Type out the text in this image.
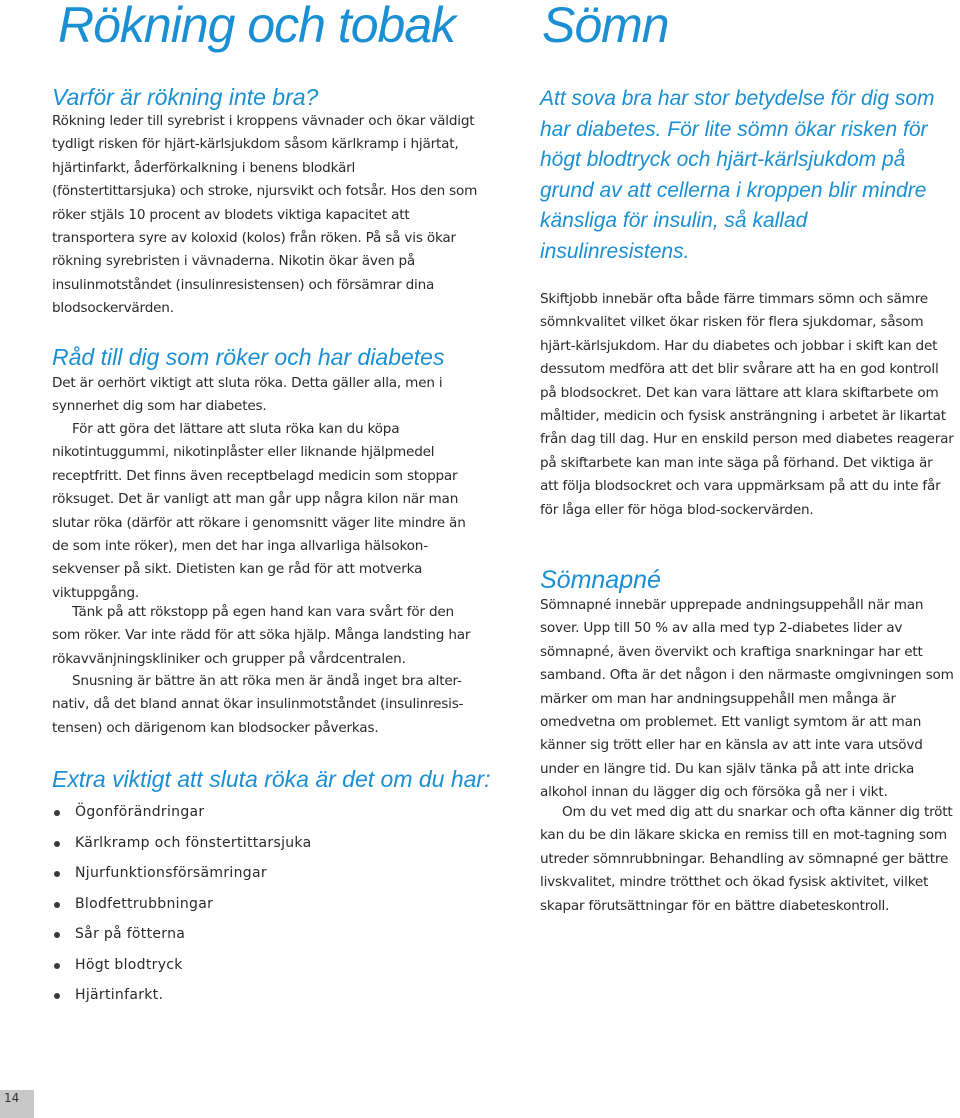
Rökning och tobak
Varför är rökning inte bra?

Rökning leder till syrebrist i kroppens vävnader och ökar väldigt tydligt risken för hjärt-kärlsjukdom såsom kärlkramp i hjärtat, hjärtinfarkt, åderförkalkning i benens blodkärl (fönstertittarsjuka) och stroke, njursvikt och fotsår. Hos den som röker stjäls 10 procent av blodets viktiga kapacitet att transportera syre av koloxid (kolos) från röken. På så vis ökar rökning syrebristen i vävnaderna. Nikotin ökar även på insulinmotståndet (insulinresistensen) och försämrar dina blodsockervärden.

Råd till dig som röker och har diabetes

Det är oerhört viktigt att sluta röka. Detta gäller alla, men i synnerhet dig som har diabetes.

För att göra det lättare att sluta röka kan du köpa nikotintuggummi, nikotinplåster eller liknande hjälpmedel receptfritt. Det finns även receptbelagd medicin som stoppar röksuget. Det är vanligt att man går upp några kilon när man slutar röka (därför att rökare i genomsnitt väger lite mindre än de som inte röker), men det har inga allvarliga hälsokon-sekvenser på sikt. Dietisten kan ge råd för att motverka viktuppgång.

Tänk på att rökstopp på egen hand kan vara svårt för den som röker. Var inte rädd för att söka hjälp. Många landsting har rökavvänjningskliniker och grupper på vårdcentralen.

Snusning är bättre än att röka men är ändå inget bra alter-nativ, då det bland annat ökar insulinmotståndet (insulinresis-tensen) och därigenom kan blodsocker påverkas.

Extra viktigt att sluta röka är det om du har:
Ögonförändringar
Kärlkramp och fönstertittarsjuka
Njurfunktionsförsämringar
Blodfettrubbningar
Sår på fötterna
Högt blodtryck
Hjärtinfarkt.
Sömn

Att sova bra har stor betydelse för dig som har diabetes. För lite sömn ökar risken för högt blodtryck och hjärt-kärlsjukdom på grund av att cellerna i kroppen blir mindre känsliga för insulin, så kallad insulinresistens.

Skiftjobb innebär ofta både färre timmars sömn och sämre sömnkvalitet vilket ökar risken för flera sjukdomar, såsom hjärt-kärlsjukdom. Har du diabetes och jobbar i skift kan det dessutom medföra att det blir svårare att ha en god kontroll på blodsockret. Det kan vara lättare att klara skiftarbete om måltider, medicin och fysisk ansträngning i arbetet är likartat från dag till dag. Hur en enskild person med diabetes reagerar på skiftarbete kan man inte säga på förhand. Det viktiga är att följa blodsockret och vara uppmärksam på att du inte får för låga eller för höga blod-sockervärden.

Sömnapné

Sömnapné innebär upprepade andningsuppehåll när man sover. Upp till 50 % av alla med typ 2-diabetes lider av sömnapné, även övervikt och kraftiga snarkningar har ett samband. Ofta är det någon i den närmaste omgivningen som märker om man har andningsuppehåll men många är omedvetna om problemet. Ett vanligt symtom är att man känner sig trött eller har en känsla av att inte vara utsövd under en längre tid. Du kan själv tänka på att inte dricka alkohol innan du lägger dig och försöka gå ner i vikt.

Om du vet med dig att du snarkar och ofta känner dig trött kan du be din läkare skicka en remiss till en mot-tagning som utreder sömnrubbningar. Behandling av sömnapné ger bättre livskvalitet, mindre trötthet och ökad fysisk aktivitet, vilket skapar förutsättningar för en bättre diabeteskontroll.

14
